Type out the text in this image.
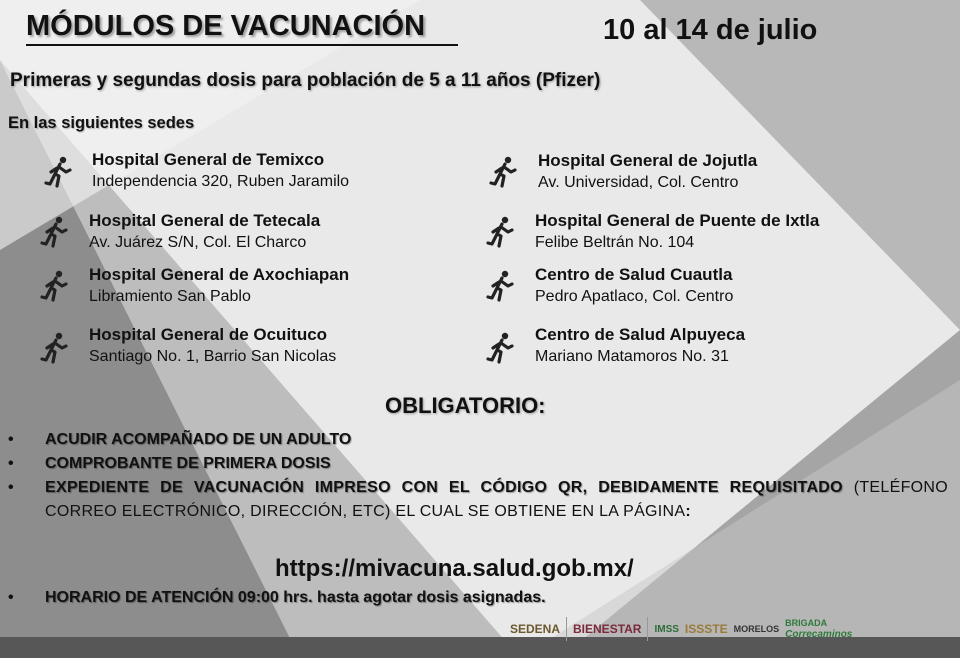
MÓDULOS DE VACUNACIÓN	10 al 14 de julio
Primeras y segundas dosis para población de 5 a 11 años (Pfizer)
En las siguientes sedes
Hospital General de Temixco
Independencia 320, Ruben Jaramilo
Hospital General de Tetecala
Av. Juárez S/N, Col. El Charco
Hospital General de Axochiapan
Libramiento San Pablo
Hospital General de Ocuituco
Santiago No. 1, Barrio San Nicolas
Hospital General de Jojutla
Av. Universidad, Col. Centro
Hospital General de Puente de Ixtla
Felibe Beltrán No. 104
Centro de Salud Cuautla
Pedro Apatlaco, Col. Centro
Centro de Salud Alpuyeca
Mariano Matamoros No. 31
OBLIGATORIO:
• ACUDIR ACOMPAÑADO DE UN ADULTO
• COMPROBANTE DE PRIMERA DOSIS
• EXPEDIENTE DE VACUNACIÓN IMPRESO CON EL CÓDIGO QR, DEBIDAMENTE REQUISITADO (TELÉFONO CORREO ELECTRÓNICO, DIRECCIÓN, ETC) EL CUAL SE OBTIENE EN LA PÁGINA:
https://mivacuna.salud.gob.mx/
• HORARIO DE ATENCIÓN 09:00 hrs. hasta agotar dosis asignadas.
SEDENA BIENESTAR IMSS ISSSTE MORELOS
BRIGADA
Correcaminos
